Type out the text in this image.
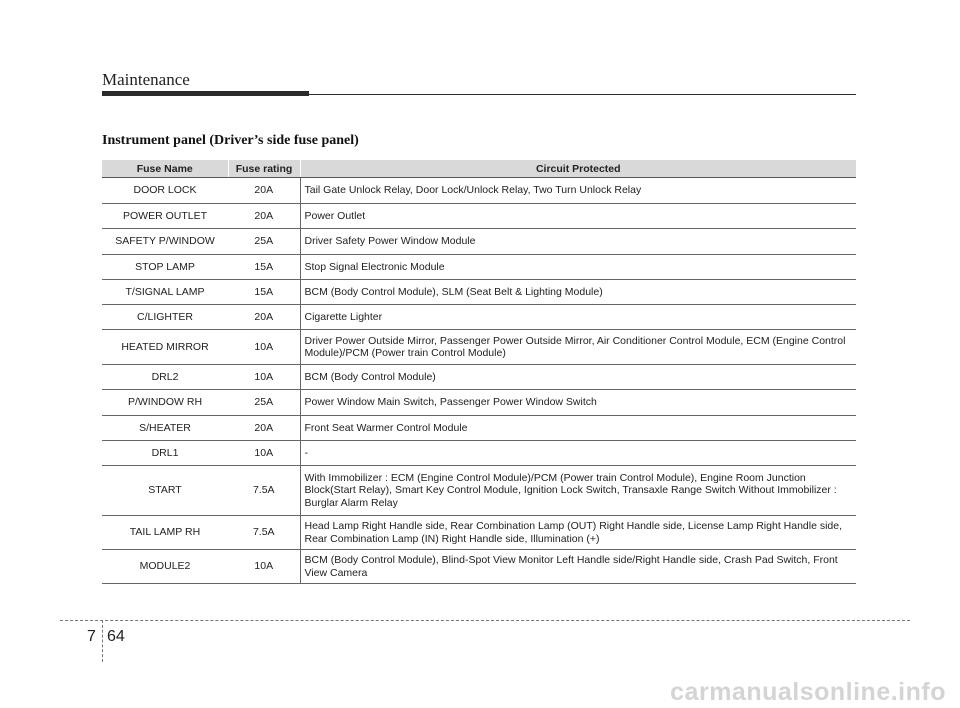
Maintenance
Instrument panel (Driver’s side fuse panel)
Fuse Name	Fuse rating	Circuit Protected
DOOR LOCK	20A	Tail Gate Unlock Relay, Door Lock/Unlock Relay, Two Turn Unlock Relay
POWER OUTLET	20A	Power Outlet
SAFETY P/WINDOW	25A	Driver Safety Power Window Module
STOP LAMP	15A	Stop Signal Electronic Module
T/SIGNAL LAMP	15A	BCM (Body Control Module), SLM (Seat Belt & Lighting Module)
C/LIGHTER	20A	Cigarette Lighter
HEATED MIRROR	10A	Driver Power Outside Mirror, Passenger Power Outside Mirror, Air Conditioner Control Module, ECM (Engine Control Module)/PCM (Power train Control Module)
DRL2	10A	BCM (Body Control Module)
P/WINDOW RH	25A	Power Window Main Switch, Passenger Power Window Switch
S/HEATER	20A	Front Seat Warmer Control Module
DRL1	10A	-
START	7.5A	With Immobilizer : ECM (Engine Control Module)/PCM (Power train Control Module), Engine Room Junction Block(Start Relay), Smart Key Control Module, Ignition Lock Switch, Transaxle Range Switch Without Immobilizer : Burglar Alarm Relay
TAIL LAMP RH	7.5A	Head Lamp Right Handle side, Rear Combination Lamp (OUT) Right Handle side, License Lamp Right Handle side, Rear Combination Lamp (IN) Right Handle side, Illumination (+)
MODULE2	10A	BCM (Body Control Module), Blind-Spot View Monitor Left Handle side/Right Handle side, Crash Pad Switch, Front View Camera
7 64
carmanualsonline.info
